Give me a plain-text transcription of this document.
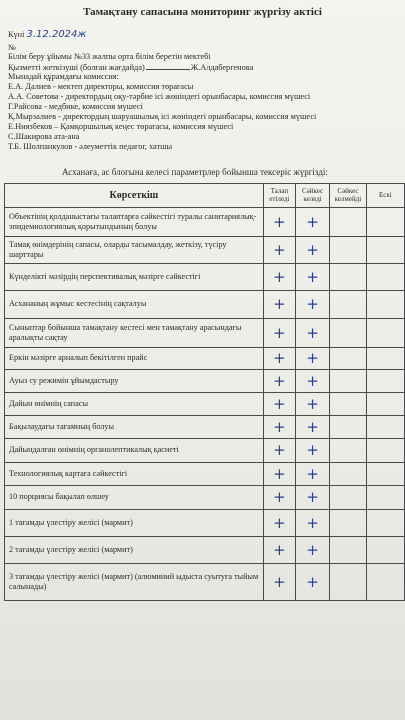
Тамақтану сапасына мониторинг жүргізу актісі
Күні 3.12.2024ж
№
Білім беру ұйымы №33 жалпы орта білім беретін мектебі
Қызметті жеткізуші (болған жағдайда)	Ж.Алдабергенова
Мынадай құрамдағы комиссия:
Е.А. Далиев - мектеп директоры, комиссия төрағасы
А.А. Советова - директордың оқу-тәрбие ісі жөніндегі орынбасары, комиссия мүшесі
Г.Райсова - медбике, комиссия мүшесі
Қ.Мырзалиев - директордың шаруашылық ісі жөніндегі орынбасары, комиссия мүшесі
Е.Ниязбеков – Қамқоршылық кеңес төрағасы, комиссия мүшесі
С.Шакирова ата-ана
Т.Б. Шолпанкулов - әлеуметтік педагог, хатшы
Асханаға, ас блогына келесі параметрлер бойынша тексеріс жүргізді:
Көрсеткіш	Талап етіледі	Сәйкес келеді	Сәйкес келмейді	Ескі
Объектінің қолданыстағы талаптарға сәйкестігі туралы санитариялық-эпидемиологиялық қорытындының болуы	+	+		
Тамақ өнімдерінің сапасы, оларды тасымалдау, жеткізу, түсіру шарттары	+	+		
Күнделікті мәзірдің перспективалық мәзірге сәйкестігі	+	+		
Асхананың жұмыс кестесінің сақталуы	+	+		
Сыныптар бойынша тамақтану кестесі мен тамақтану арасындағы аралықты сақтау	+	+		
Еркін мәзірге арналып бекітілген прайс	+	+		
Ауыз су режимін ұйымдастыру	+	+		
Дайын өнімнің сапасы	+	+		
Бақылаудағы тағамның болуы	+	+		
Дайындалған өнімнің органолептикалық қасиеті	+	+		
Технологиялық картаға сәйкестігі	+	+		
10 порциясы бақылап өлшеу	+	+		
1 тағамды үлестіру желісі (мармит)	+	+		
2 тағамды үлестіру желісі (мармит)	+	+		
3 тағамды үлестіру желісі (мармит) (алюминий ыдыста суытуға тыйым салынады)	+	+		
